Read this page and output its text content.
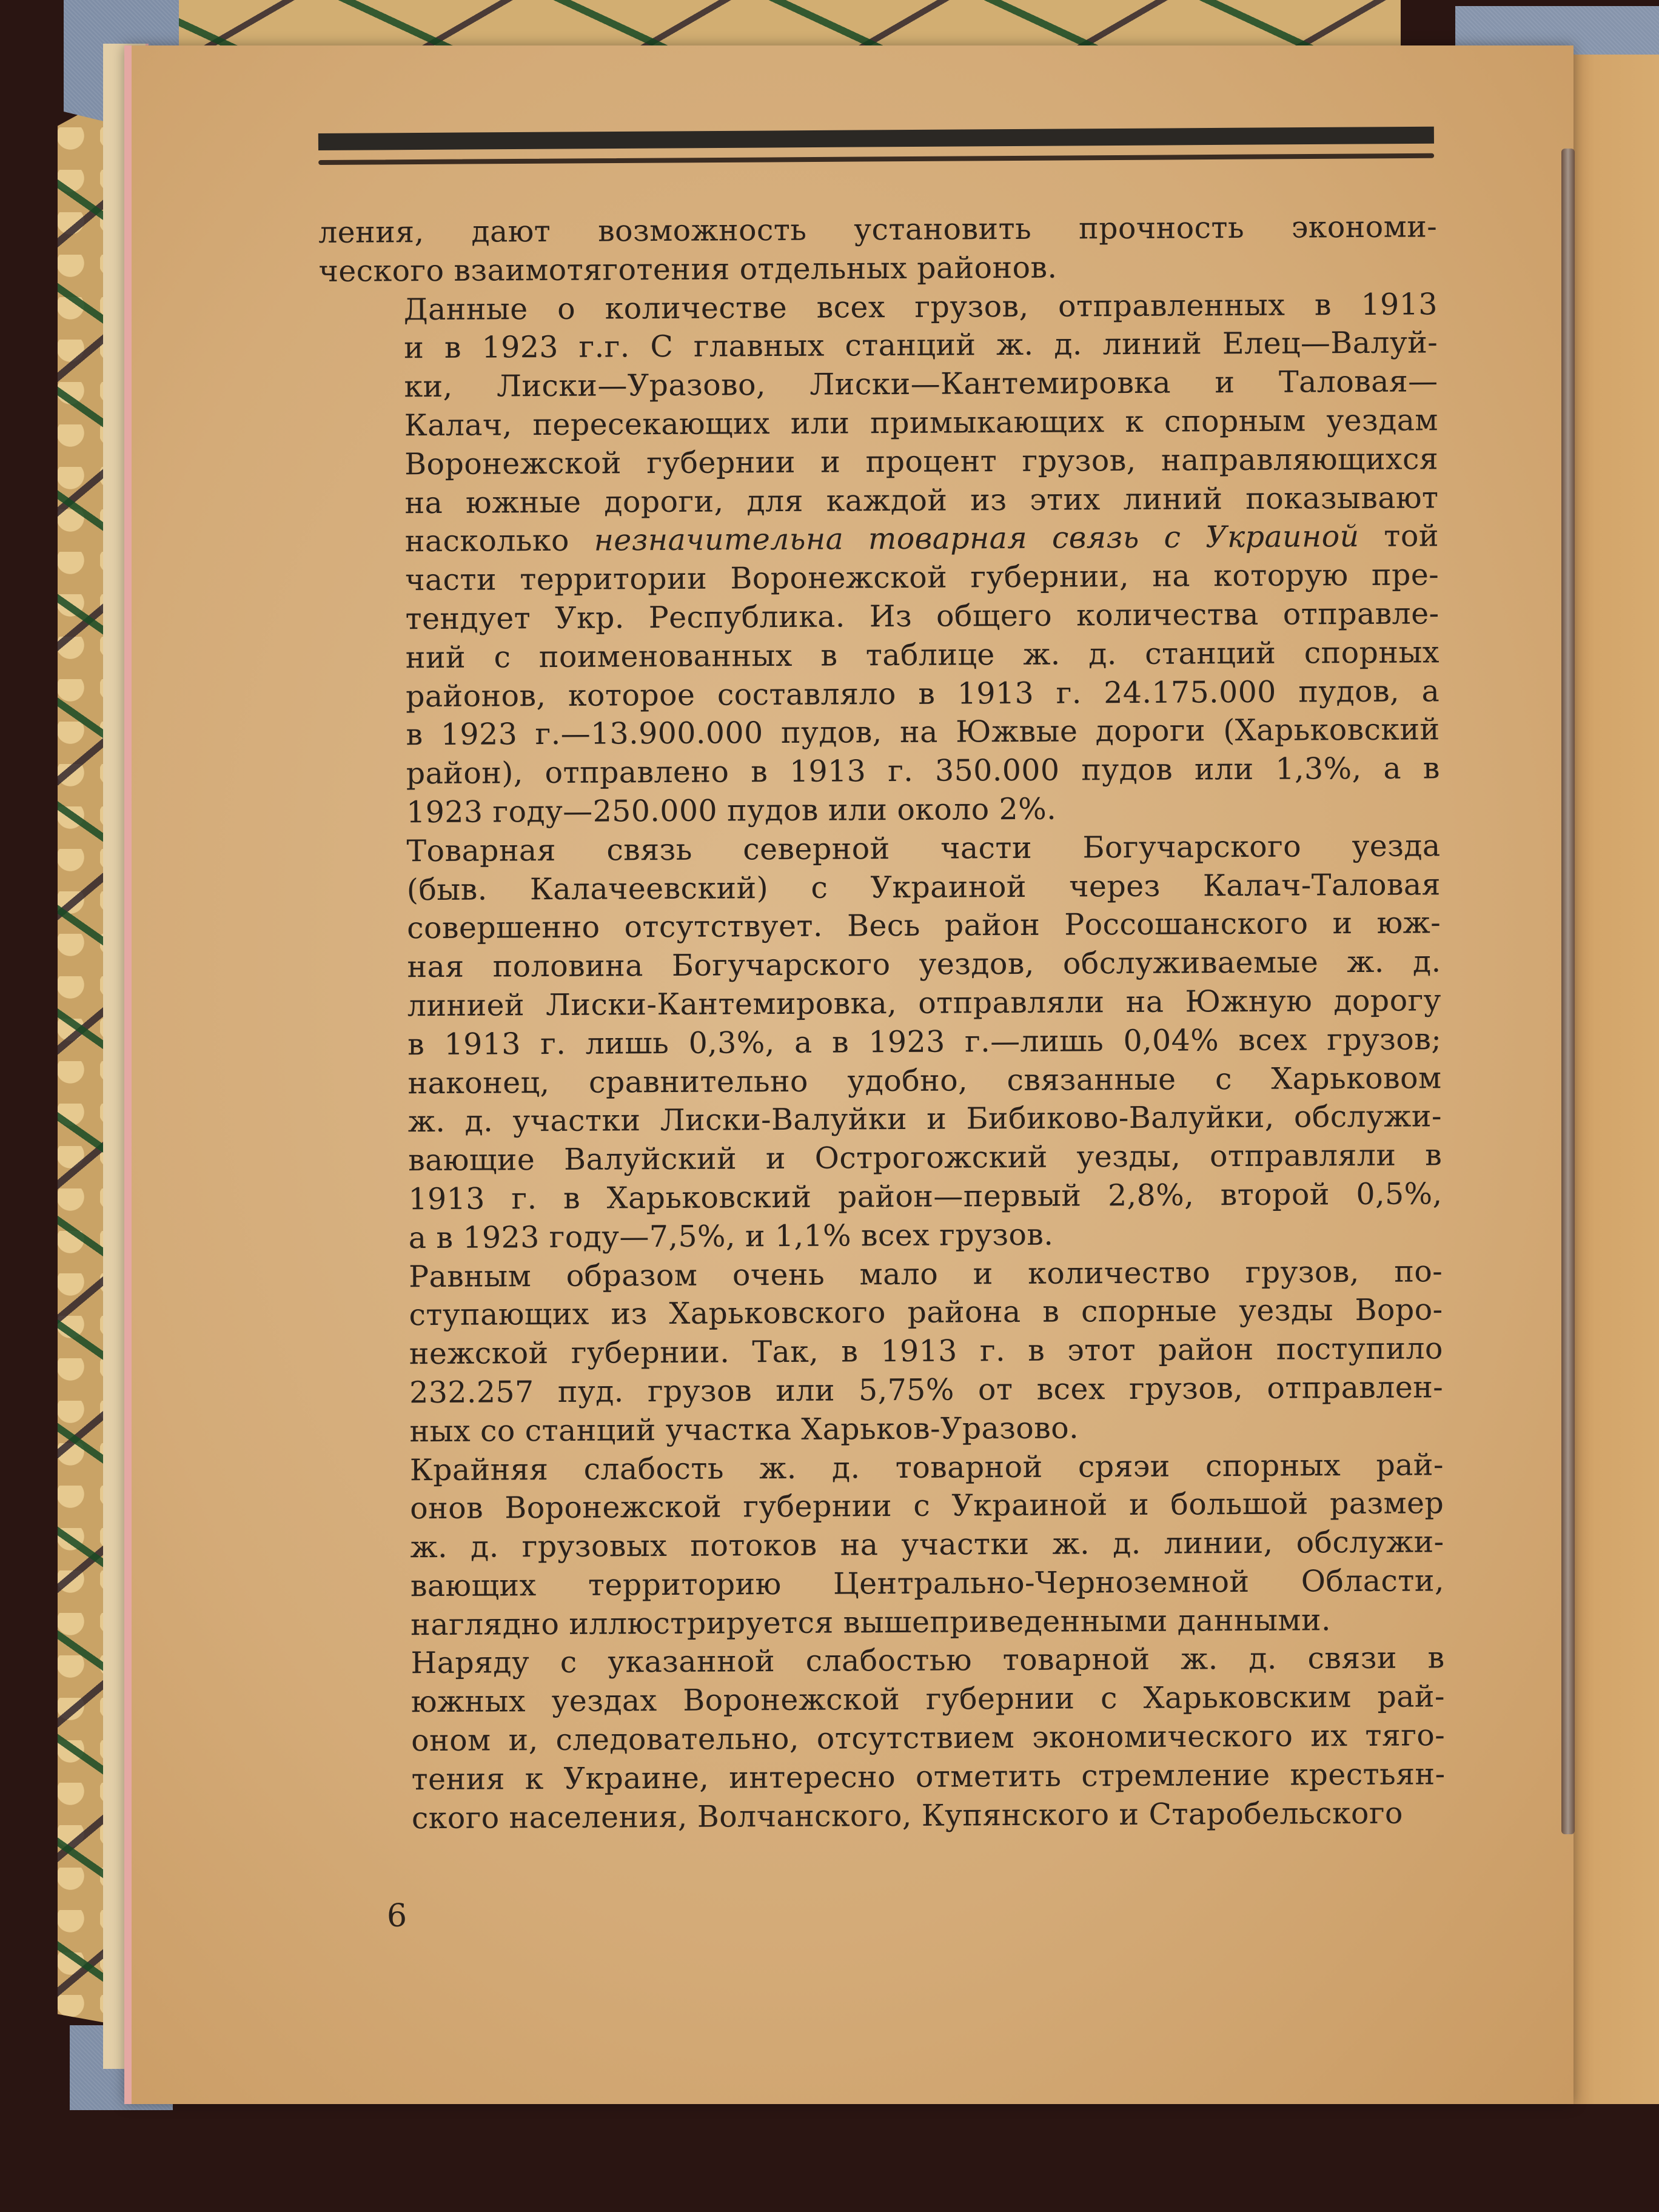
ления, дают возможность установить прочность экономи-
ческого взаимотяготения отдельных районов.

Данные о количестве всех грузов, отправленных в 1913
и в 1923 г.г. С главных станций ж. д. линий Елец—Валуй-
ки, Лиски—Уразово, Лиски—Кантемировка и Таловая—
Калач, пересекающих или примыкающих к спорным уездам
Воронежской губернии и процент грузов, направляющихся
на южные дороги, для каждой из этих линий показывают
насколько незначительна товарная связь с Украиной той
части территории Воронежской губернии, на которую пре-
тендует Укр. Республика. Из общего количества отправле-
ний с поименованных в таблице ж. д. станций спорных
районов, которое составляло в 1913 г. 24.175.000 пудов, а
в 1923 г.—13.900.000 пудов, на Южвые дороги (Харьковский
район), отправлено в 1913 г. 350.000 пудов или 1,3%, а в
1923 году—250.000 пудов или около 2%.

Товарная связь северной части Богучарского уезда
(быв. Калачеевский) с Украиной через Калач-Таловая
совершенно отсутствует. Весь район Россошанского и юж-
ная половина Богучарского уездов, обслуживаемые ж. д.
линией Лиски-Кантемировка, отправляли на Южную дорогу
в 1913 г. лишь 0,3%, а в 1923 г.—лишь 0,04% всех грузов;
наконец, сравнительно удобно, связанные с Харьковом
ж. д. участки Лиски-Валуйки и Бибиково-Валуйки, обслужи-
вающие Валуйский и Острогожский уезды, отправляли в
1913 г. в Харьковский район—первый 2,8%, второй 0,5%,
а в 1923 году—7,5%, и 1,1% всех грузов.

Равным образом очень мало и количество грузов, по-
ступающих из Харьковского района в спорные уезды Воро-
нежской губернии. Так, в 1913 г. в этот район поступило
232.257 пуд. грузов или 5,75% от всех грузов, отправлен-
ных со станций участка Харьков-Уразово.

Крайняя слабость ж. д. товарной сряэи спорных рай-
онов Воронежской губернии с Украиной и большой размер
ж. д. грузовых потоков на участки ж. д. линии, обслужи-
вающих территорию Центрально-Черноземной Области,
наглядно иллюстрируется вышеприведенными данными.

Наряду с указанной слабостью товарной ж. д. связи в
южных уездах Воронежской губернии с Харьковским рай-
оном и, следовательно, отсутствием экономического их тяго-
тения к Украине, интересно отметить стремление крестьян-
ского населения, Волчанского, Купянского и Старобельского

6
